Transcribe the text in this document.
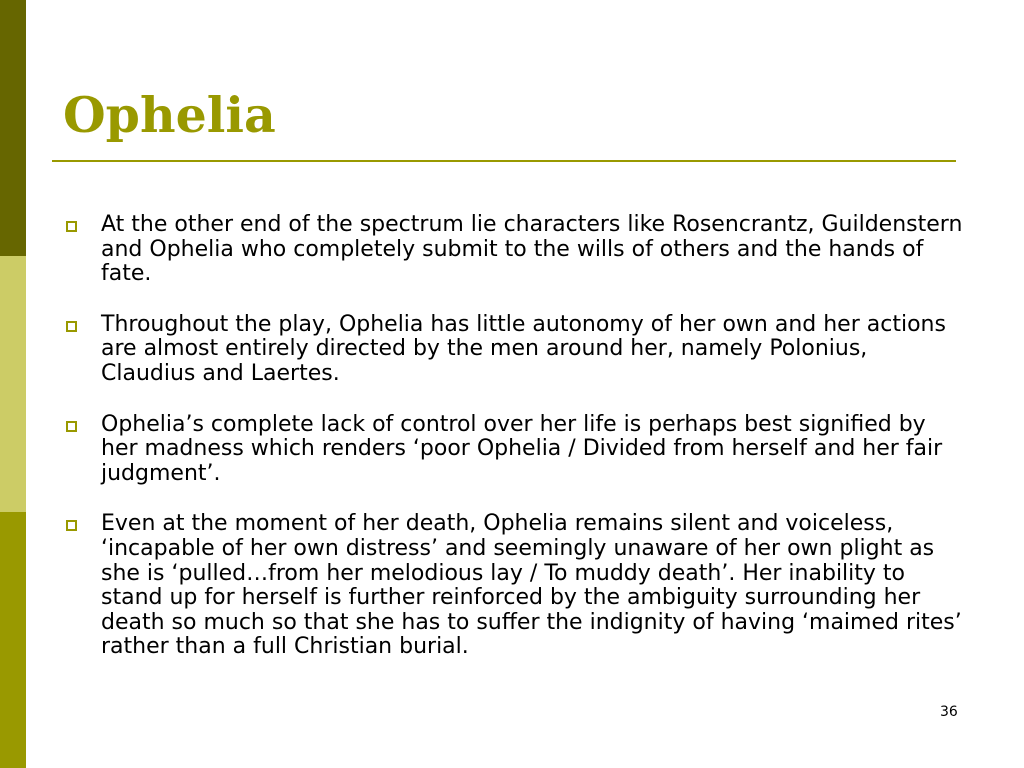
Ophelia
At the other end of the spectrum lie characters like Rosencrantz, Guildenstern and Ophelia who completely submit to the wills of others and the hands of fate.
Throughout the play, Ophelia has little autonomy of her own and her actions are almost entirely directed by the men around her, namely Polonius, Claudius and Laertes.
Ophelia’s complete lack of control over her life is perhaps best signified by her madness which renders ‘poor Ophelia / Divided from herself and her fair judgment’.
Even at the moment of her death, Ophelia remains silent and voiceless, ‘incapable of her own distress’ and seemingly unaware of her own plight as she is ‘pulled…from her melodious lay / To muddy death’. Her inability to stand up for herself is further reinforced by the ambiguity surrounding her death so much so that she has to suffer the indignity of having ‘maimed rites’ rather than a full Christian burial.
36
